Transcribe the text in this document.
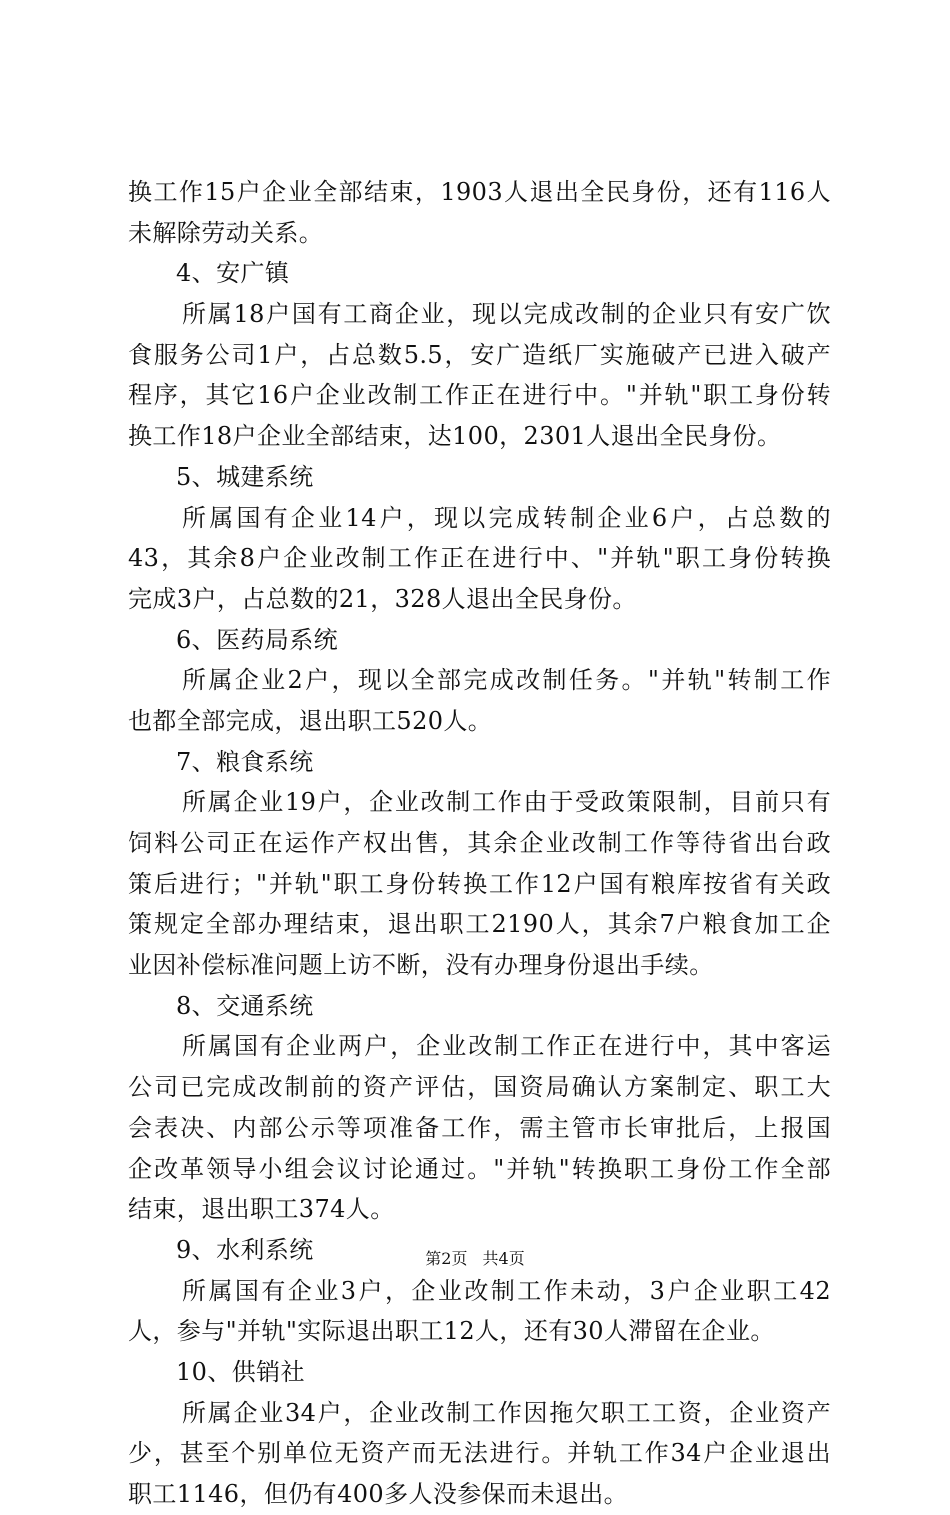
换工作15户企业全部结束，1903人退出全民身份，还有116人
未解除劳动关系。
4、安广镇
所属18户国有工商企业，现以完成改制的企业只有安广饮
食服务公司1户，占总数5.5，安广造纸厂实施破产已进入破产
程序，其它16户企业改制工作正在进行中。"并轨"职工身份转
换工作18户企业全部结束，达100，2301人退出全民身份。
5、城建系统
所属国有企业14户，现以完成转制企业6户，占总数的
43，其余8户企业改制工作正在进行中、"并轨"职工身份转换
完成3户，占总数的21，328人退出全民身份。
6、医药局系统
所属企业2户，现以全部完成改制任务。"并轨"转制工作
也都全部完成，退出职工520人。
7、粮食系统
所属企业19户，企业改制工作由于受政策限制，目前只有
饲料公司正在运作产权出售，其余企业改制工作等待省出台政
策后进行；"并轨"职工身份转换工作12户国有粮库按省有关政
策规定全部办理结束，退出职工2190人，其余7户粮食加工企
业因补偿标准问题上访不断，没有办理身份退出手续。
8、交通系统
所属国有企业两户，企业改制工作正在进行中，其中客运
公司已完成改制前的资产评估，国资局确认方案制定、职工大
会表决、内部公示等项准备工作，需主管市长审批后，上报国
企改革领导小组会议讨论通过。"并轨"转换职工身份工作全部
结束，退出职工374人。
9、水利系统
所属国有企业3户，企业改制工作未动，3户企业职工42
人，参与"并轨"实际退出职工12人，还有30人滞留在企业。
10、供销社
所属企业34户，企业改制工作因拖欠职工工资，企业资产
少，甚至个别单位无资产而无法进行。并轨工作34户企业退出
职工1146，但仍有400多人没参保而未退出。
第2页 共4页
